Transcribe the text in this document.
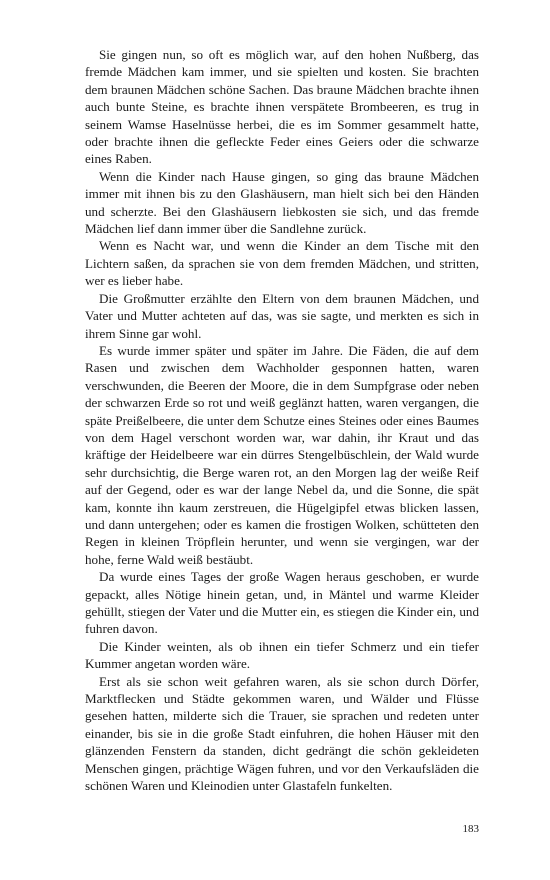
Sie gingen nun, so oft es möglich war, auf den hohen Nußberg, das fremde Mädchen kam immer, und sie spielten und kosten. Sie brachten dem braunen Mädchen schöne Sachen. Das braune Mädchen brachte ihnen auch bunte Steine, es brachte ihnen verspätete Brombeeren, es trug in seinem Wamse Haselnüsse herbei, die es im Sommer gesammelt hatte, oder brachte ihnen die gefleckte Feder eines Geiers oder die schwarze eines Raben.

Wenn die Kinder nach Hause gingen, so ging das braune Mädchen immer mit ihnen bis zu den Glashäusern, man hielt sich bei den Händen und scherzte. Bei den Glashäusern liebkosten sie sich, und das fremde Mädchen lief dann immer über die Sandlehne zurück.

Wenn es Nacht war, und wenn die Kinder an dem Tische mit den Lichtern saßen, da sprachen sie von dem fremden Mädchen, und stritten, wer es lieber habe.

Die Großmutter erzählte den Eltern von dem braunen Mädchen, und Vater und Mutter achteten auf das, was sie sagte, und merkten es sich in ihrem Sinne gar wohl.

Es wurde immer später und später im Jahre. Die Fäden, die auf dem Rasen und zwischen dem Wachholder gesponnen hatten, waren verschwunden, die Beeren der Moore, die in dem Sumpfgrase oder neben der schwarzen Erde so rot und weiß geglänzt hatten, waren vergangen, die späte Preißelbeere, die unter dem Schutze eines Steines oder eines Baumes von dem Hagel verschont worden war, war dahin, ihr Kraut und das kräftige der Heidelbeere war ein dürres Stengelbüschlein, der Wald wurde sehr durchsichtig, die Berge waren rot, an den Morgen lag der weiße Reif auf der Gegend, oder es war der lange Nebel da, und die Sonne, die spät kam, konnte ihn kaum zerstreuen, die Hügelgipfel etwas blicken lassen, und dann untergehen; oder es kamen die frostigen Wolken, schütteten den Regen in kleinen Tröpflein herunter, und wenn sie vergingen, war der hohe, ferne Wald weiß bestäubt.

Da wurde eines Tages der große Wagen heraus geschoben, er wurde gepackt, alles Nötige hinein getan, und, in Mäntel und warme Kleider gehüllt, stiegen der Vater und die Mutter ein, es stiegen die Kinder ein, und fuhren davon.

Die Kinder weinten, als ob ihnen ein tiefer Schmerz und ein tiefer Kummer angetan worden wäre.

Erst als sie schon weit gefahren waren, als sie schon durch Dörfer, Marktflecken und Städte gekommen waren, und Wälder und Flüsse gesehen hatten, milderte sich die Trauer, sie sprachen und redeten unter einander, bis sie in die große Stadt einfuhren, die hohen Häuser mit den glänzenden Fenstern da standen, dicht gedrängt die schön gekleideten Menschen gingen, prächtige Wägen fuhren, und vor den Verkaufsläden die schönen Waren und Kleinodien unter Glastafeln funkelten.

183
